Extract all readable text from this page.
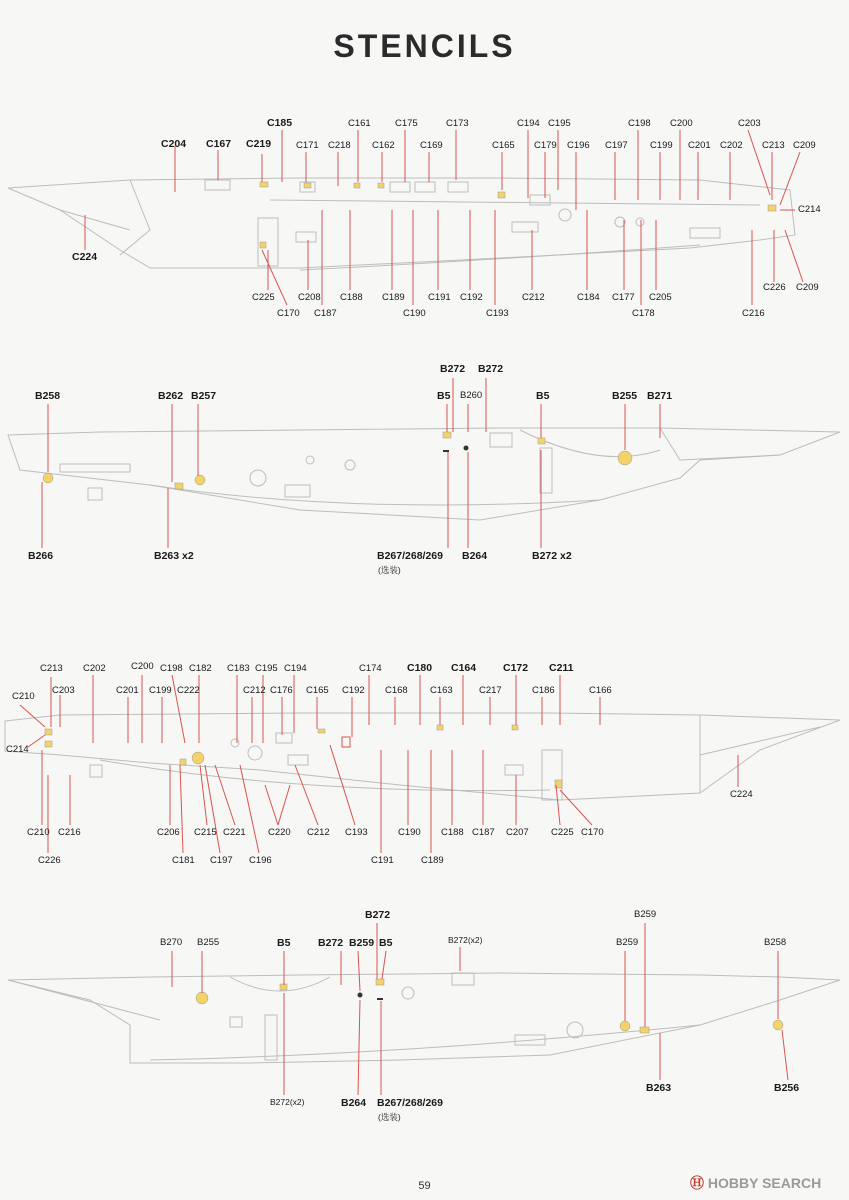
STENCILS
C185
C204 C167 C219	C171 C218
C161
C162
C175
C169
C173	C194 C195
C165 C179 C196 C197
C198
C199
C200
C201 C202
C203
C213 C209
C214
C224
C225
C170
C208
C187
C188 C189
C190
C191 C192
C193
C212	C184 C177
C178
C205
C216
C226 C209
B258	B262 B257
B272 B272
B5 B260	B5	B255 B271
B266	B263 x2	B267/268/269
(选装)
B264	B272 x2
C213 C202	C200 C198 C182 C183 C195 C194	C174 C180 C164	C172 C211
C210
C203	C201 C199 C222	C212 C176 C165 C192 C168 C163	C217	C186	C166
C214
C224
C210 C216	C206 C215 C221 C220 C212 C193	C190 C188 C187 C207 C225 C170
C226	C181 C197 C196	C191	C189
B272
B270 B255	B5	B272 B259 B5	B272(x2)
B259
B259	B258
B263	B256
B272(x2)	B264 B267/268/269
(选装)
59	Ⓗ HOBBY SEARCH
